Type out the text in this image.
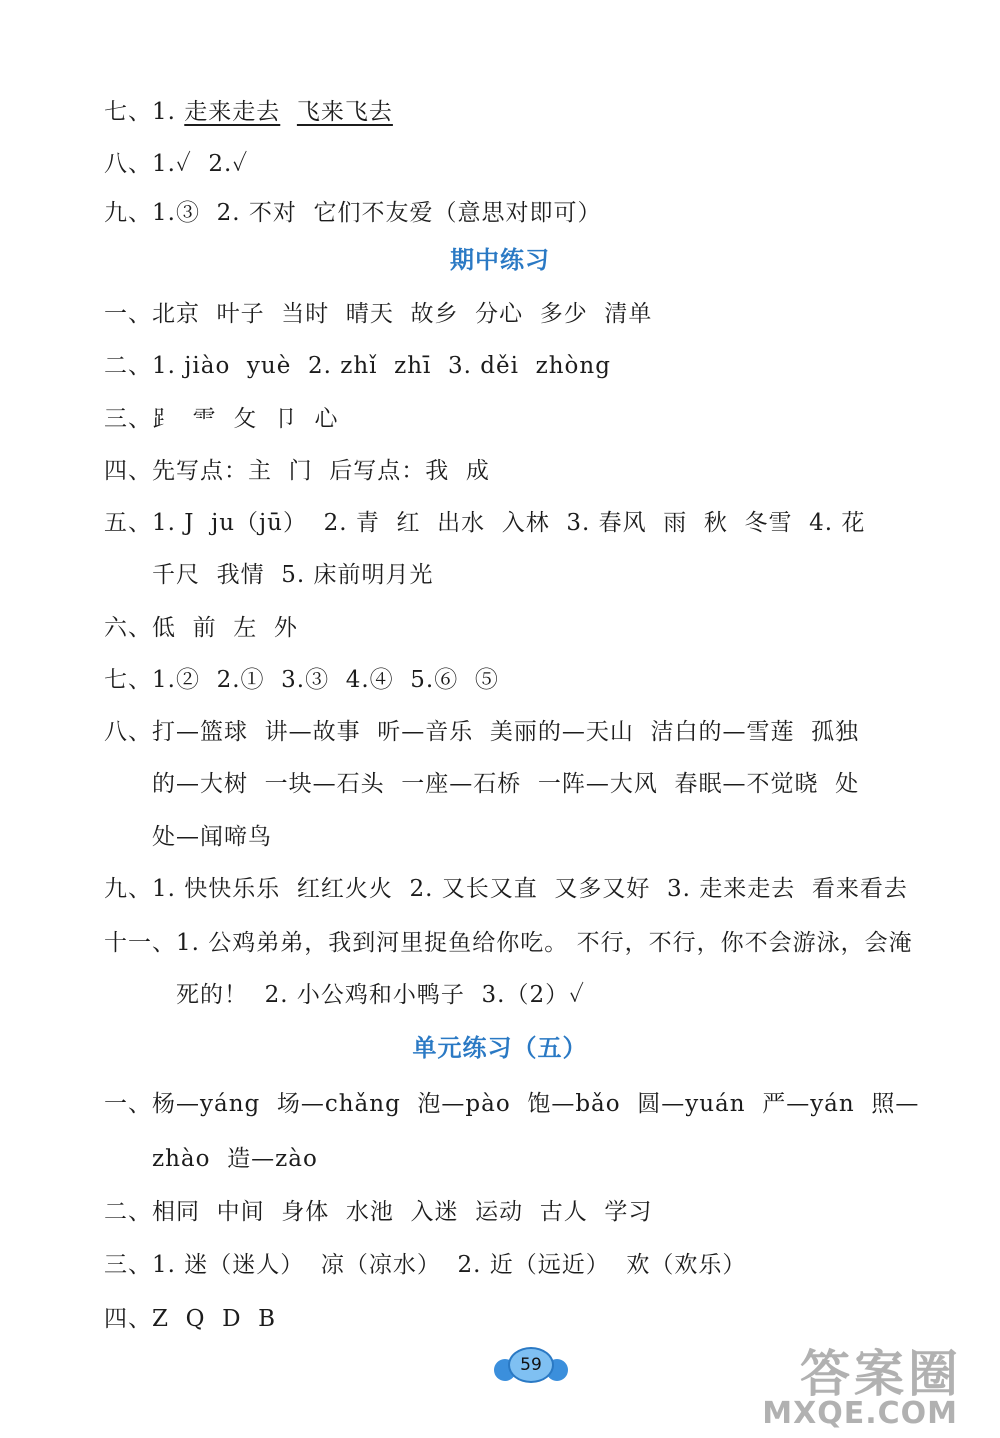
七、1. 走来走去 飞来飞去
八、1.✓  2.✓
九、1.③  2. 不对  它们不友爱（意思对即可）
期中练习
一、北京  叶子  当时  晴天  故乡  分心  多少  清单
二、1. jiào  yuè  2. zhǐ  zhī  3. děi  zhòng
三、⻊  ⻗  攵  卩  心
四、先写点：主  门  后写点：我  成
五、1. J  ju（jū）  2. 青  红  出水  入林  3. 春风  雨  秋  冬雪  4. 花
千尺  我情  5. 床前明月光
六、低  前  左  外
七、1.②  2.①  3.③  4.④  5.⑥  ⑤
八、打—篮球  讲—故事  听—音乐  美丽的—天山  洁白的—雪莲  孤独
的—大树  一块—石头  一座—石桥  一阵—大风  春眠—不觉晓  处
处—闻啼鸟
九、1. 快快乐乐  红红火火  2. 又长又直  又多又好  3. 走来走去  看来看去
十一、1. 公鸡弟弟，我到河里捉鱼给你吃。 不行，不行，你不会游泳，会淹
死的！  2. 小公鸡和小鸭子  3.（2）✓
单元练习（五）
一、杨—yáng  场—chǎng  泡—pào  饱—bǎo  圆—yuán  严—yán  照—
zhào  造—zào
二、相同  中间  身体  水池  入迷  运动  古人  学习
三、1. 迷（迷人）  凉（凉水）  2. 近（远近）  欢（欢乐）
四、Z  Q  D  B
59	答案圈
MXQE.COM
